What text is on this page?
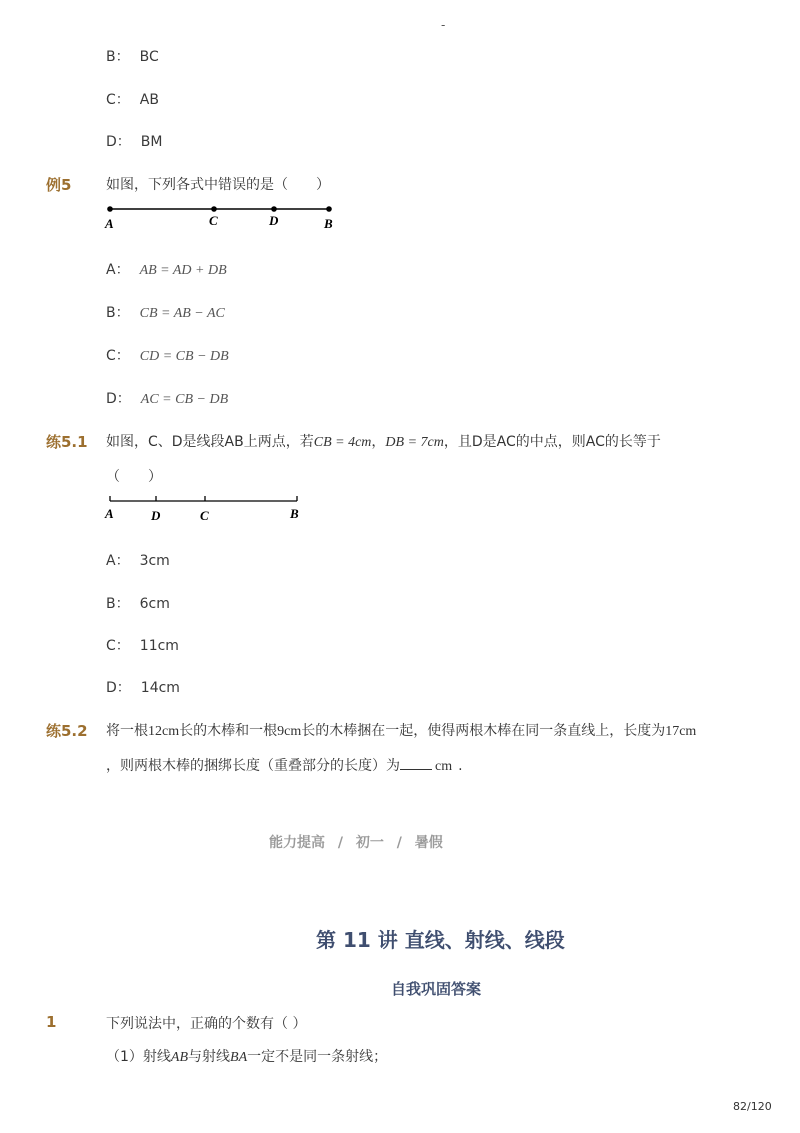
-
B： BC
C： AB
D： BM
例5 如图，下列各式中错误的是（　　）
A	C	D	B
A： AB = AD + DB
B： CB = AB − AC
C： CD = CB − DB
D： AC = CB − DB
练5.1 如图，C、D是线段AB上两点，若CB = 4cm，DB = 7cm，且D是AC的中点，则AC的长等于
（　　）
A	D	C	B
A： 3cm
B： 6cm
C： 11cm
D： 14cm
练5.2 将一根12cm长的木棒和一根9cm长的木棒捆在一起，使得两根木棒在同一条直线上，长度为17cm
，则两根木棒的捆绑长度（重叠部分的长度）为	cm .
能力提高 / 初一 / 暑假
第 11 讲 直线、射线、线段
自我巩固答案
1	下列说法中，正确的个数有（ ）
（1）射线AB与射线BA一定不是同一条射线；
82/120
